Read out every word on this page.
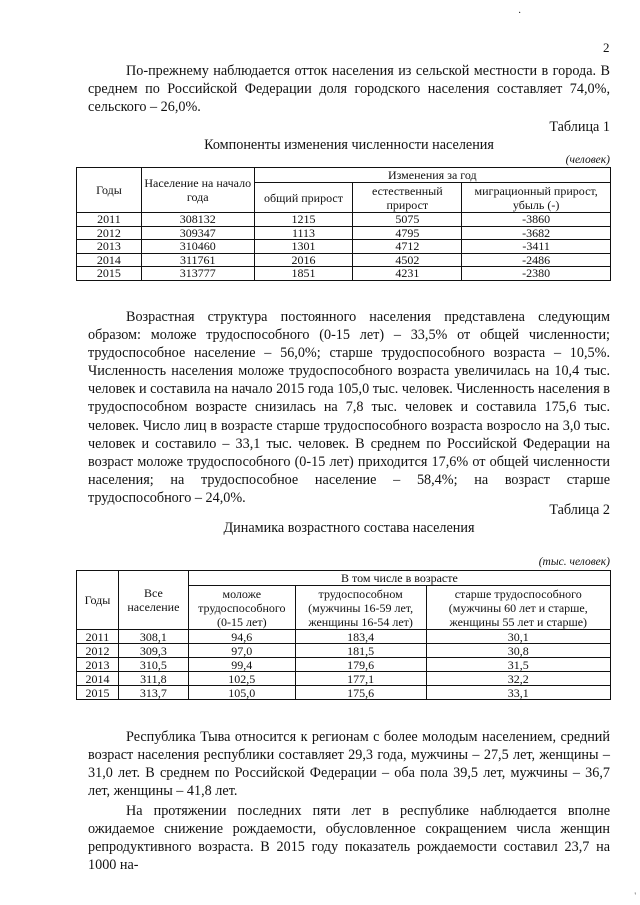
·
2

По-прежнему наблюдается отток населения из сельской местности в города. В среднем по Российской Федерации доля городского населения составляет 74,0%, сельского – 26,0%.

Таблица 1
Компоненты изменения численности населения
(человек)
Годы	Население на начало года	Изменения за год		
		общий прирост	естественный прирост	миграционный прирост, убыль (-)
2011	308132	1215	5075	-3860
2012	309347	1113	4795	-3682
2013	310460	1301	4712	-3411
2014	311761	2016	4502	-2486
2015	313777	1851	4231	-2380

Возрастная структура постоянного населения представлена следующим образом: моложе трудоспособного (0-15 лет) – 33,5% от общей численности; трудоспособное население – 56,0%; старше трудоспособного возраста – 10,5%. Численность населения моложе трудоспособного возраста увеличилась на 10,4 тыс. человек и составила на начало 2015 года 105,0 тыс. человек. Численность населения в трудоспособном возрасте снизилась на 7,8 тыс. человек и составила 175,6 тыс. человек. Число лиц в возрасте старше трудоспособного возраста возросло на 3,0 тыс. человек и составило – 33,1 тыс. человек. В среднем по Российской Федерации на возраст моложе трудоспособного (0-15 лет) приходится 17,6% от общей численности населения; на трудоспособное население – 58,4%; на возраст старше трудоспособного – 24,0%.

Таблица 2
Динамика возрастного состава населения
(тыс. человек)
Годы	Все население	В том числе в возрасте		
		моложе трудоспособного (0-15 лет)	трудоспособном (мужчины 16-59 лет, женщины 16-54 лет)	старше трудоспособного (мужчины 60 лет и старше, женщины 55 лет и старше)
2011	308,1	94,6	183,4	30,1
2012	309,3	97,0	181,5	30,8
2013	310,5	99,4	179,6	31,5
2014	311,8	102,5	177,1	32,2
2015	313,7	105,0	175,6	33,1

Республика Тыва относится к регионам с более молодым населением, средний возраст населения республики составляет 29,3 года, мужчины – 27,5 лет, женщины – 31,0 лет. В среднем по Российской Федерации – оба пола 39,5 лет, мужчины – 36,7 лет, женщины – 41,8 лет.

На протяжении последних пяти лет в республике наблюдается вполне ожидаемое снижение рождаемости, обусловленное сокращением числа женщин репродуктивного возраста. В 2015 году показатель рождаемости составил 23,7 на 1000 на-

'
